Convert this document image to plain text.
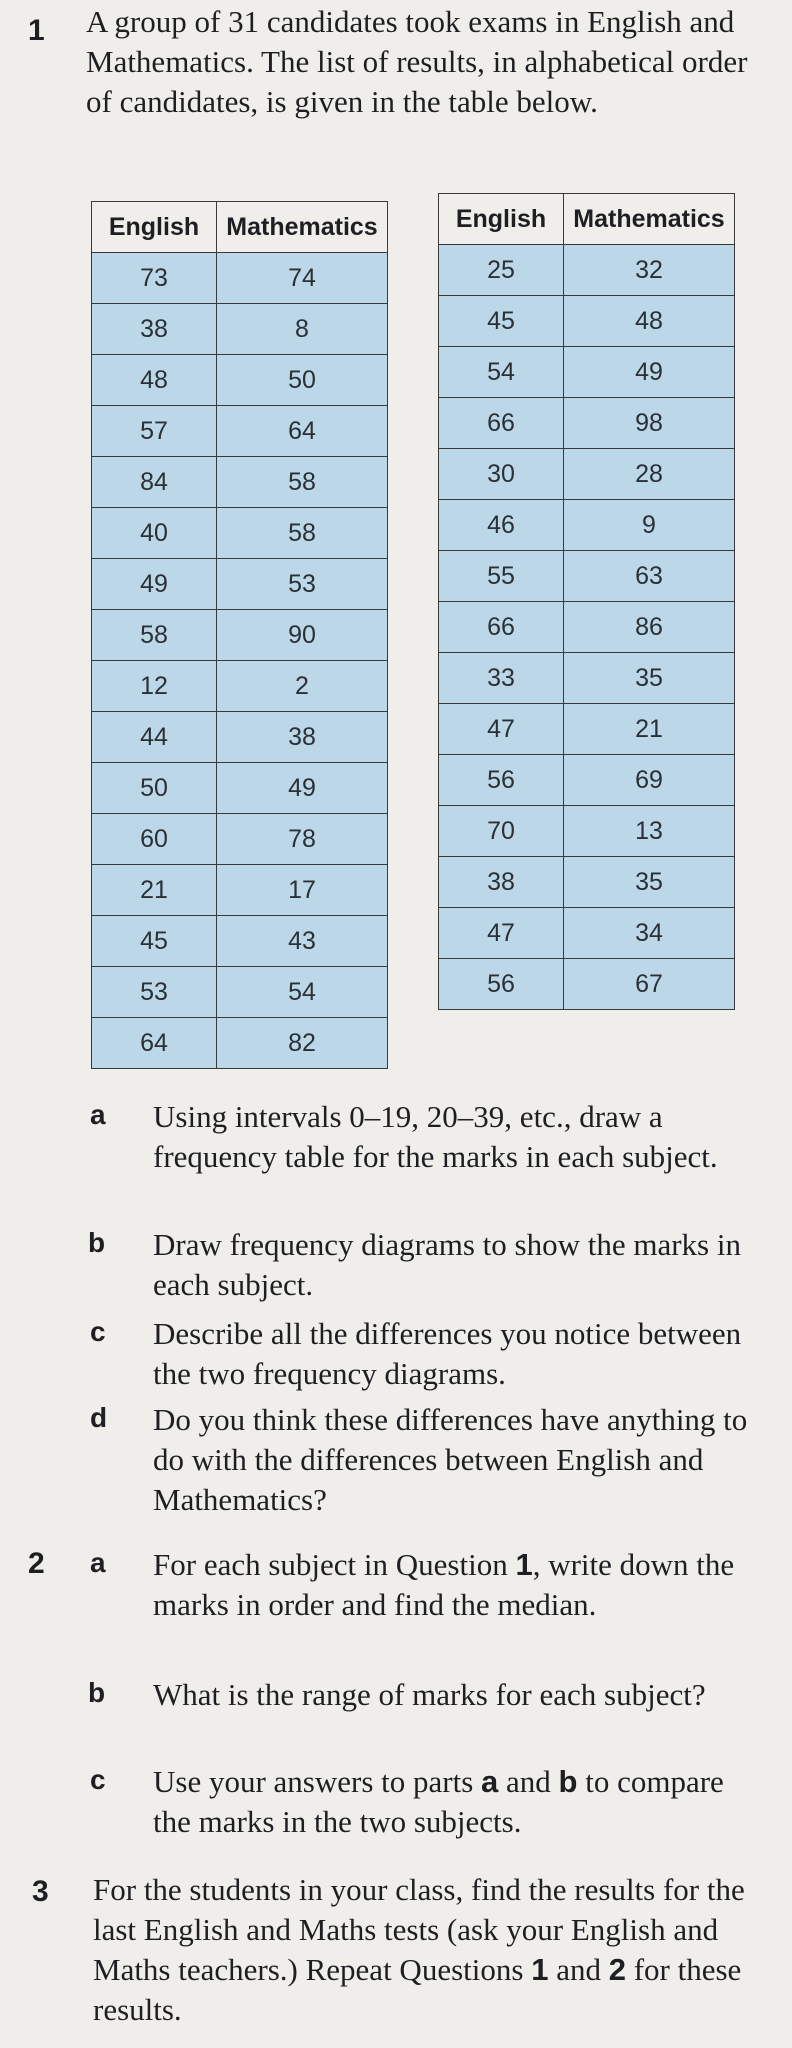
1 A group of 31 candidates took exams in English and Mathematics. The list of results, in alphabetical order of candidates, is given in the table below.
English	Mathematics
73	74
38	8
48	50
57	64
84	58
40	58
49	53
58	90
12	2
44	38
50	49
60	78
21	17
45	43
53	54
64	82
English	Mathematics
25	32
45	48
54	49
66	98
30	28
46	9
55	63
66	86
33	35
47	21
56	69
70	13
38	35
47	34
56	67
a Using intervals 0–19, 20–39, etc., draw a frequency table for the marks in each subject.
b Draw frequency diagrams to show the marks in each subject.
c Describe all the differences you notice between the two frequency diagrams.
d Do you think these differences have anything to do with the differences between English and Mathematics?
2 a For each subject in Question 1, write down the marks in order and find the median.
b What is the range of marks for each subject?
c Use your answers to parts a and b to compare the marks in the two subjects.
3 For the students in your class, find the results for the last English and Maths tests (ask your English and Maths teachers.) Repeat Questions 1 and 2 for these results.
